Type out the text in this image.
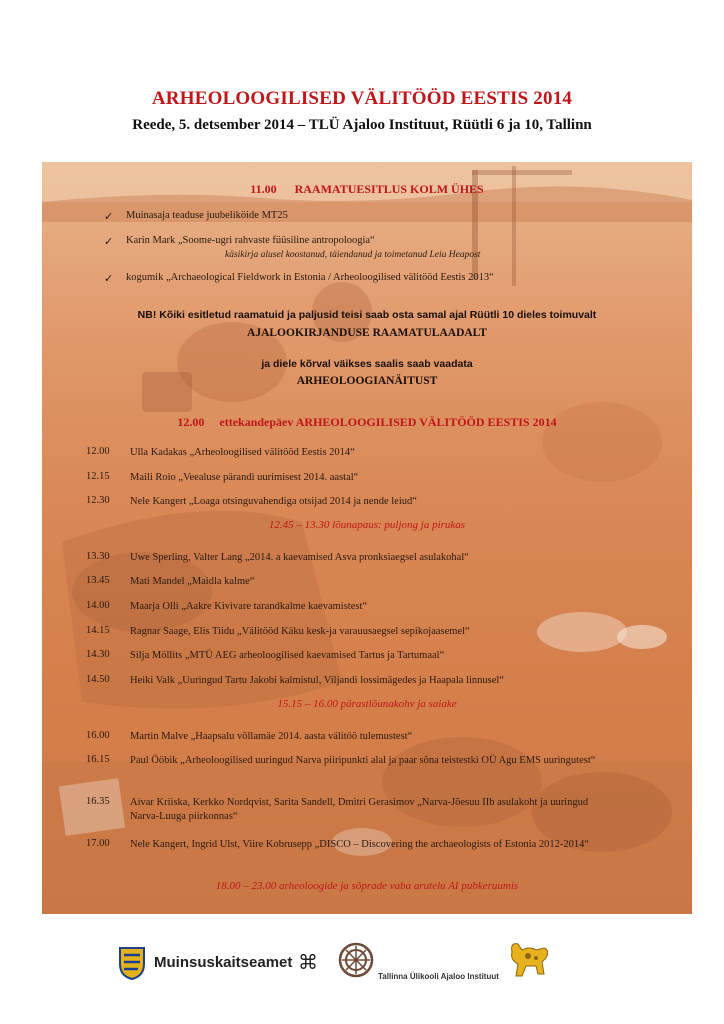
ARHEOLOOGILISED VÄLITÖÖD EESTIS 2014
Reede, 5. detsember 2014 – TLÜ Ajaloo Instituut, Rüütli 6 ja 10, Tallinn
11.00 RAAMATUESITLUS KOLM ÜHES
✓ Muinasaja teaduse juubeliköide MT25
✓ Karin Mark „Soome-ugri rahvaste füüsiline antropoloogia“
käsikirja alusel koostanud, täiendanud ja toimetanud Leiu Heapost
✓ kogumik „Archaeological Fieldwork in Estonia / Arheoloogilised välitööd Eestis 2013“
NB! Kõiki esitletud raamatuid ja paljusid teisi saab osta samal ajal Rüütli 10 dieles toimuvalt
AJALOOKIRJANDUSE RAAMATULAADALT
ja diele kõrval väikses saalis saab vaadata
ARHEOLOOGIANÄITUST
12.00 ettekandepäev ARHEOLOOGILISED VÄLITÖÖD EESTIS 2014
12.00	Ulla Kadakas „Arheoloogilised välitööd Eestis 2014“
12.15	Maili Roio „Veealuse pärandi uurimisest 2014. aastal“
12.30	Nele Kangert „Loaga otsinguvahendiga otsijad 2014 ja nende leiud“
12.45 – 13.30 lõunapaus: puljong ja pirukas
13.30	Uwe Sperling, Valter Lang „2014. a kaevamised Asva pronksiaegsel asulakohal“
13.45	Mati Mandel „Maidla kalme“
14.00	Maarja Olli „Aakre Kivivare tarandkalme kaevamistest“
14.15	Ragnar Saage, Elis Tiidu „Välitööd Käku kesk-ja varauusaegsel sepikojaasemel“
14.30	Silja Möllits „MTÜ AEG arheoloogilised kaevamised Tartus ja Tartumaal“
14.50	Heiki Valk „Uuringud Tartu Jakobi kalmistul, Viljandi lossimägedes ja Haapala linnusel“
15.15 – 16.00 pärastlõunakohv ja saiake
16.00	Martin Malve „Haapsalu võllamäe 2014. aasta välitöö tulemustest“
16.15	Paul Ööbik „Arheoloogilised uuringud Narva piiripunkti alal ja paar sõna teistestki OÜ Agu EMS uuringutest“
16.35	Aivar Kriiska, Kerkko Nordqvist, Sarita Sandell, Dmitri Gerasimov „Narva-Jõesuu IIb asulakoht ja uuringud Narva-Luuga piirkonnas“
17.00	Nele Kangert, Ingrid Ulst, Viire Kobrusepp „DISCO – Discovering the archaeologists of Estonia 2012-2014“
18.00 – 23.00 arheoloogide ja sõprade vaba arutelu AI pubkeruumis
Muinsuskaitseamet ⌘
Tallinna Ülikooli Ajaloo Instituut
